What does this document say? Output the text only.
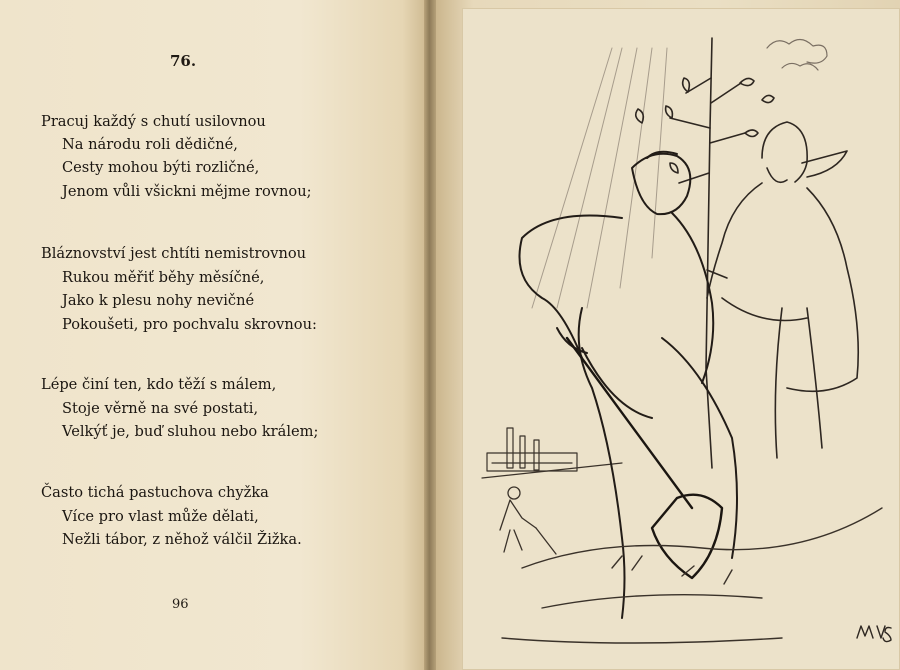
76.
Pracuj každý s chutí usilovnou
Na národu roli dědičné,
Cesty mohou býti rozličné,
Jenom vůli všickni mějme rovnou;
Bláznovství jest chtíti nemistrovnou
Rukou měřiť běhy měsíčné,
Jako k plesu nohy nevičné
Pokoušeti, pro pochvalu skrovnou:
Lépe činí ten, kdo těží s málem,
Stoje věrně na své postati,
Velkýť je, buď sluhou nebo králem;
Často tichá pastuchova chyžka
Více pro vlast může dělati,
Nežli tábor, z něhož válčil Žižka.
96
